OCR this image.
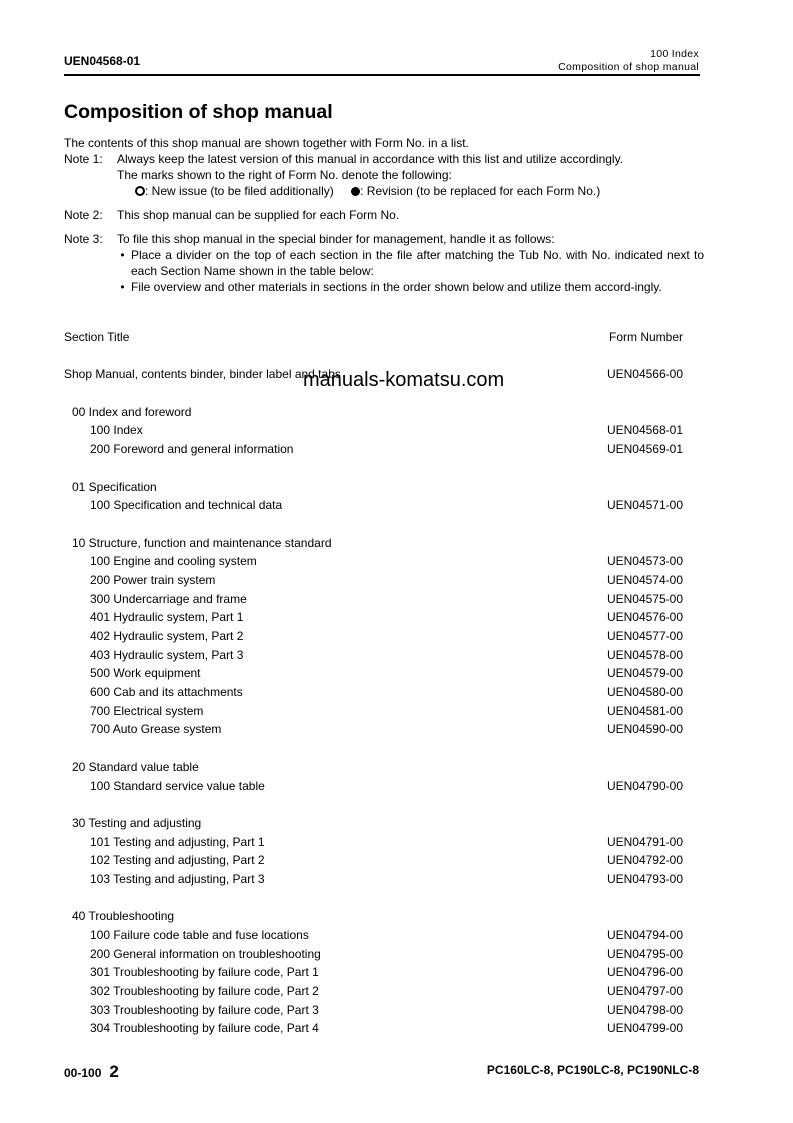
UEN04568-01	100 Index
Composition of shop manual
Composition of shop manual
The contents of this shop manual are shown together with Form No. in a list.
Note 1:	Always keep the latest version of this manual in accordance with this list and utilize accordingly.
The marks shown to the right of Form No. denote the following:
: New issue (to be filed additionally) : Revision (to be replaced for each Form No.)
Note 2:	This shop manual can be supplied for each Form No.
Note 3:	To file this shop manual in the special binder for management, handle it as follows:
• Place a divider on the top of each section in the file after matching the Tub No. with No. indicated next to each Section Name shown in the table below:
• File overview and other materials in sections in the order shown below and utilize them accord-ingly.
Section Title	Form Number
Shop Manual, contents binder, binder label and tabs	UEN04566-00
00 Index and foreword
100 Index	UEN04568-01
200 Foreword and general information	UEN04569-01
01 Specification
100 Specification and technical data	UEN04571-00
10 Structure, function and maintenance standard
100 Engine and cooling system	UEN04573-00
200 Power train system	UEN04574-00
300 Undercarriage and frame	UEN04575-00
401 Hydraulic system, Part 1	UEN04576-00
402 Hydraulic system, Part 2	UEN04577-00
403 Hydraulic system, Part 3	UEN04578-00
500 Work equipment	UEN04579-00
600 Cab and its attachments	UEN04580-00
700 Electrical system	UEN04581-00
700 Auto Grease system	UEN04590-00
20 Standard value table
100 Standard service value table	UEN04790-00
30 Testing and adjusting
101 Testing and adjusting, Part 1	UEN04791-00
102 Testing and adjusting, Part 2	UEN04792-00
103 Testing and adjusting, Part 3	UEN04793-00
40 Troubleshooting
100 Failure code table and fuse locations	UEN04794-00
200 General information on troubleshooting	UEN04795-00
301 Troubleshooting by failure code, Part 1	UEN04796-00
302 Troubleshooting by failure code, Part 2	UEN04797-00
303 Troubleshooting by failure code, Part 3	UEN04798-00
304 Troubleshooting by failure code, Part 4	UEN04799-00
manuals-komatsu.com
00-100 2	PC160LC-8, PC190LC-8, PC190NLC-8
